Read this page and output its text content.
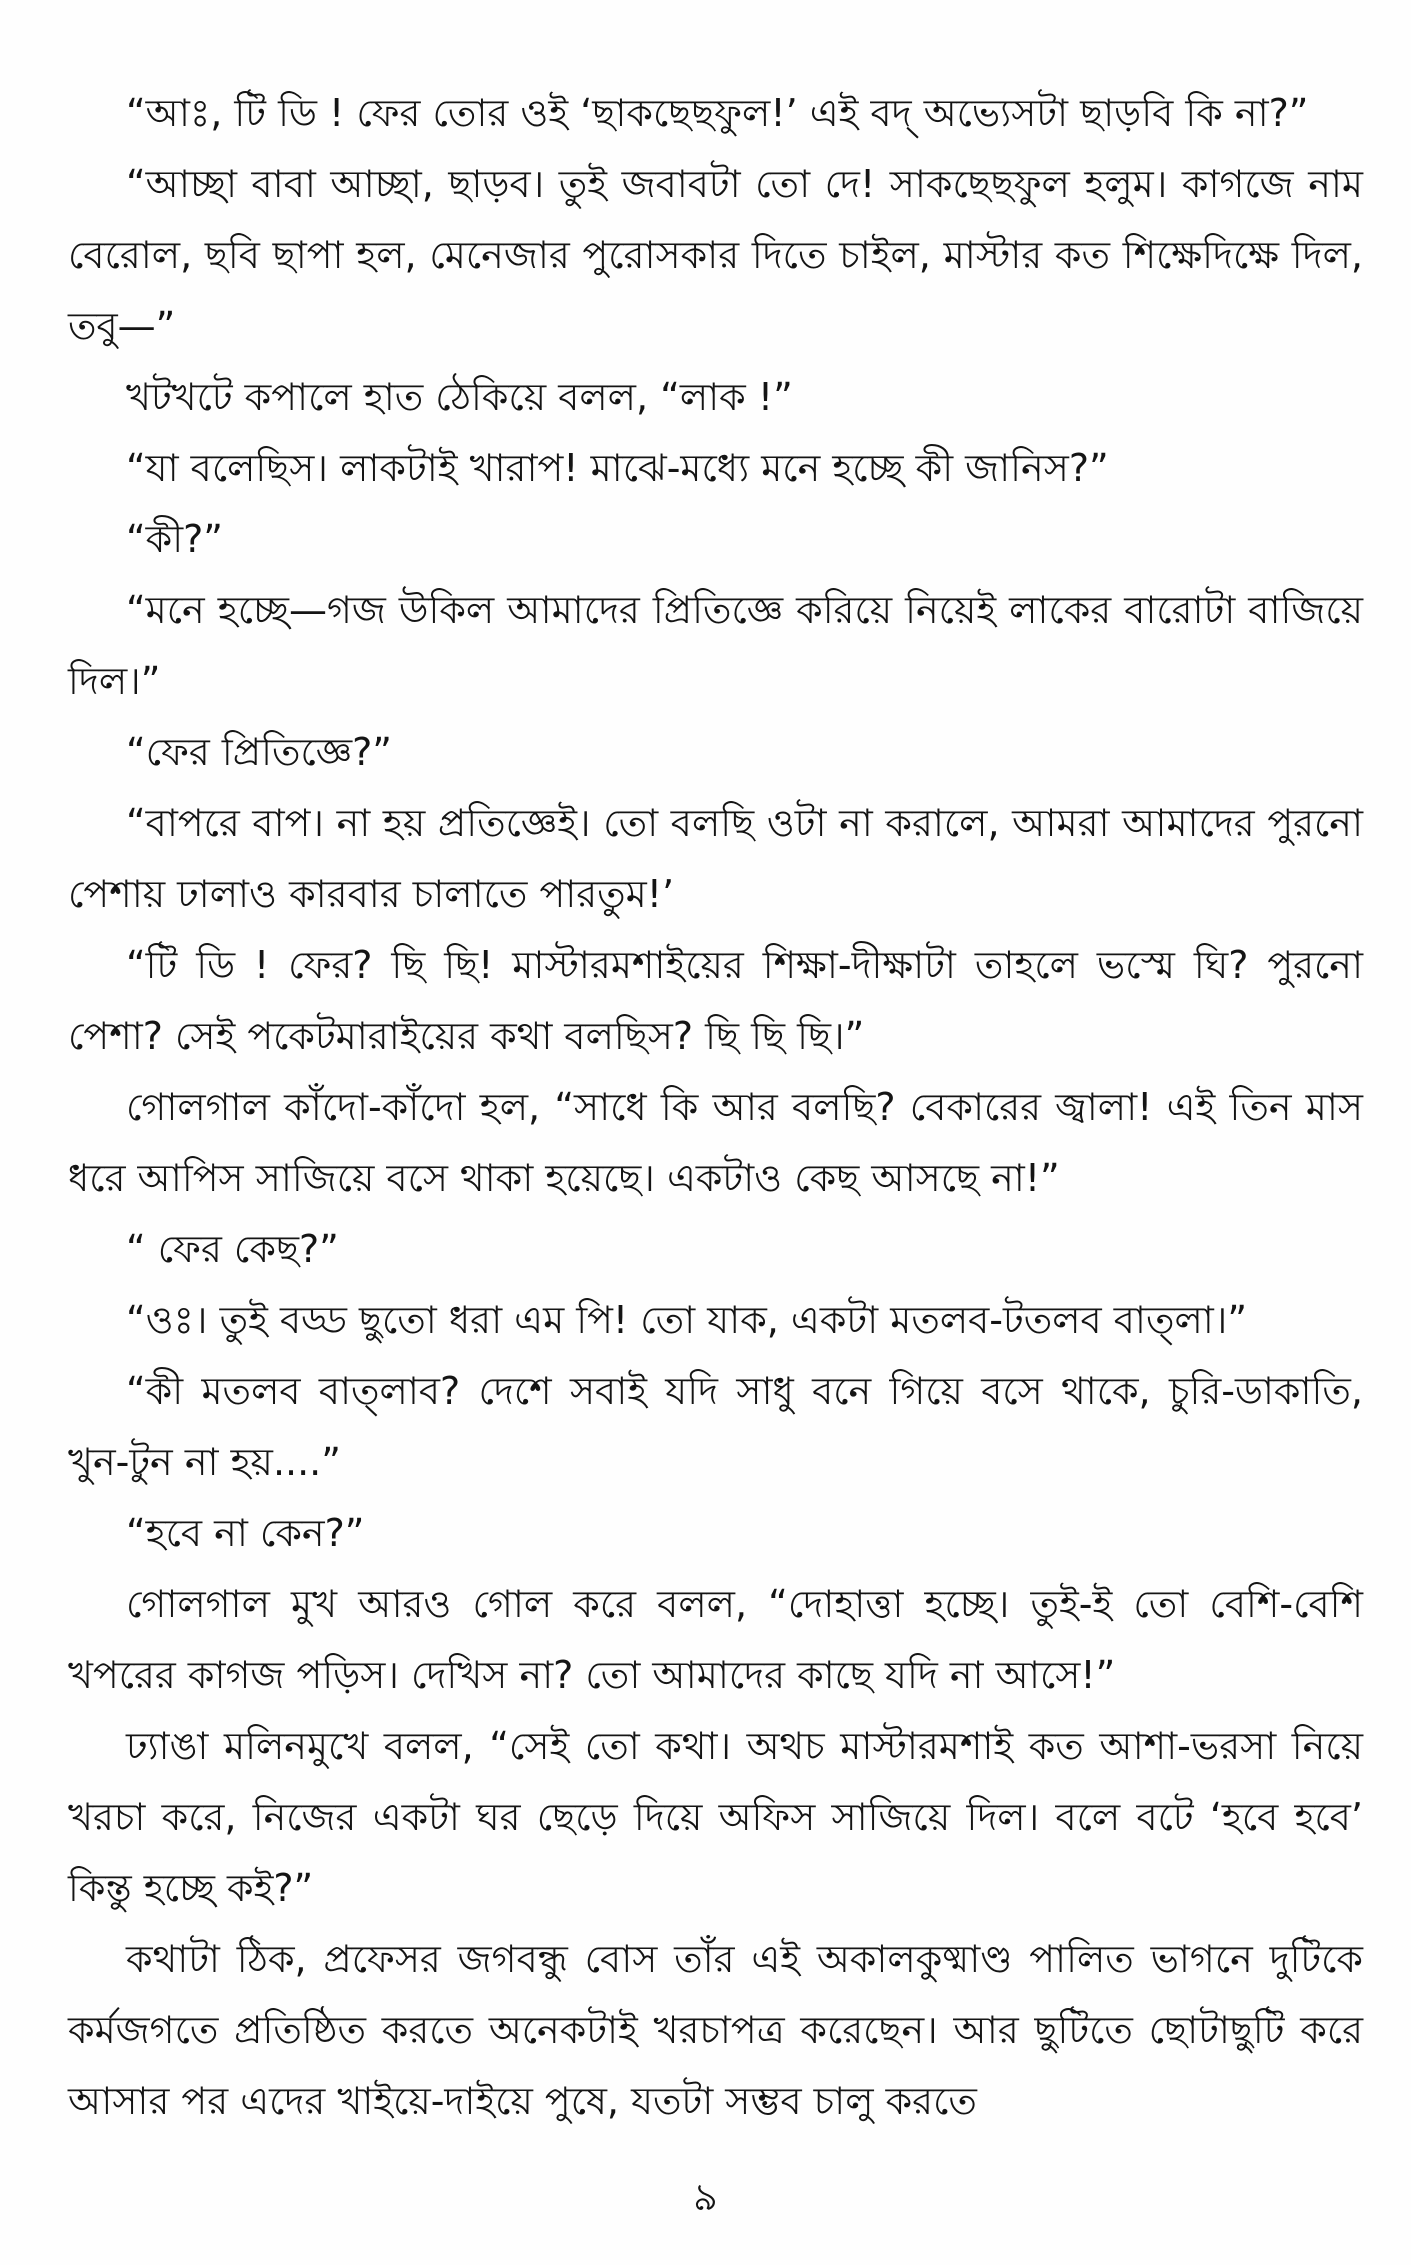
“আঃ, টি ডি ! ফের তোর ওই ‘ছাকছেছফুল!’ এই বদ্ অভ্যেসটা ছাড়বি কি না?”

“আচ্ছা বাবা আচ্ছা, ছাড়ব। তুই জবাবটা তো দে! সাকছেছফুল হলুম। কাগজে নাম বেরোল, ছবি ছাপা হল, মেনেজার পুরোসকার দিতে চাইল, মাস্টার কত শিক্ষেদিক্ষে দিল, তবু—”

খটখটে কপালে হাত ঠেকিয়ে বলল, “লাক !”

“যা বলেছিস। লাকটাই খারাপ! মাঝে-মধ্যে মনে হচ্ছে কী জানিস?”

“কী?”

“মনে হচ্ছে—গজ উকিল আমাদের প্রিতিজ্ঞে করিয়ে নিয়েই লাকের বারোটা বাজিয়ে দিল।”

“ফের প্রিতিজ্ঞে?”

“বাপরে বাপ। না হয় প্রতিজ্ঞেই। তো বলছি ওটা না করালে, আমরা আমাদের পুরনো পেশায় ঢালাও কারবার চালাতে পারতুম!’

“টি ডি ! ফের? ছি ছি! মাস্টারমশাইয়ের শিক্ষা-দীক্ষাটা তাহলে ভস্মে ঘি? পুরনো পেশা? সেই পকেটমারাইয়ের কথা বলছিস? ছি ছি ছি।”

গোলগাল কাঁদো-কাঁদো হল, “সাধে কি আর বলছি? বেকারের জ্বালা! এই তিন মাস ধরে আপিস সাজিয়ে বসে থাকা হয়েছে। একটাও কেছ আসছে না!”

“ ফের কেছ?”

“ওঃ। তুই বড্ড ছুতো ধরা এম পি! তো যাক, একটা মতলব-টতলব বাত্‌লা।”

“কী মতলব বাত্‌লাব? দেশে সবাই যদি সাধু বনে গিয়ে বসে থাকে, চুরি-ডাকাতি, খুন-টুন না হয়....”

“হবে না কেন?”

গোলগাল মুখ আরও গোল করে বলল, “দোহাত্তা হচ্ছে। তুই-ই তো বেশি-বেশি খপরের কাগজ পড়িস। দেখিস না? তো আমাদের কাছে যদি না আসে!”

ঢ্যাঙা মলিনমুখে বলল, “সেই তো কথা। অথচ মাস্টারমশাই কত আশা-ভরসা নিয়ে খরচা করে, নিজের একটা ঘর ছেড়ে দিয়ে অফিস সাজিয়ে দিল। বলে বটে ‘হবে হবে’ কিন্তু হচ্ছে কই?”

কথাটা ঠিক, প্রফেসর জগবন্ধু বোস তাঁর এই অকালকুষ্মাণ্ড পালিত ভাগনে দুটিকে কর্মজগতে প্রতিষ্ঠিত করতে অনেকটাই খরচাপত্র করেছেন। আর ছুটিতে ছোটাছুটি করে আসার পর এদের খাইয়ে-দাইয়ে পুষে, যতটা সম্ভব চালু করতে

৯
